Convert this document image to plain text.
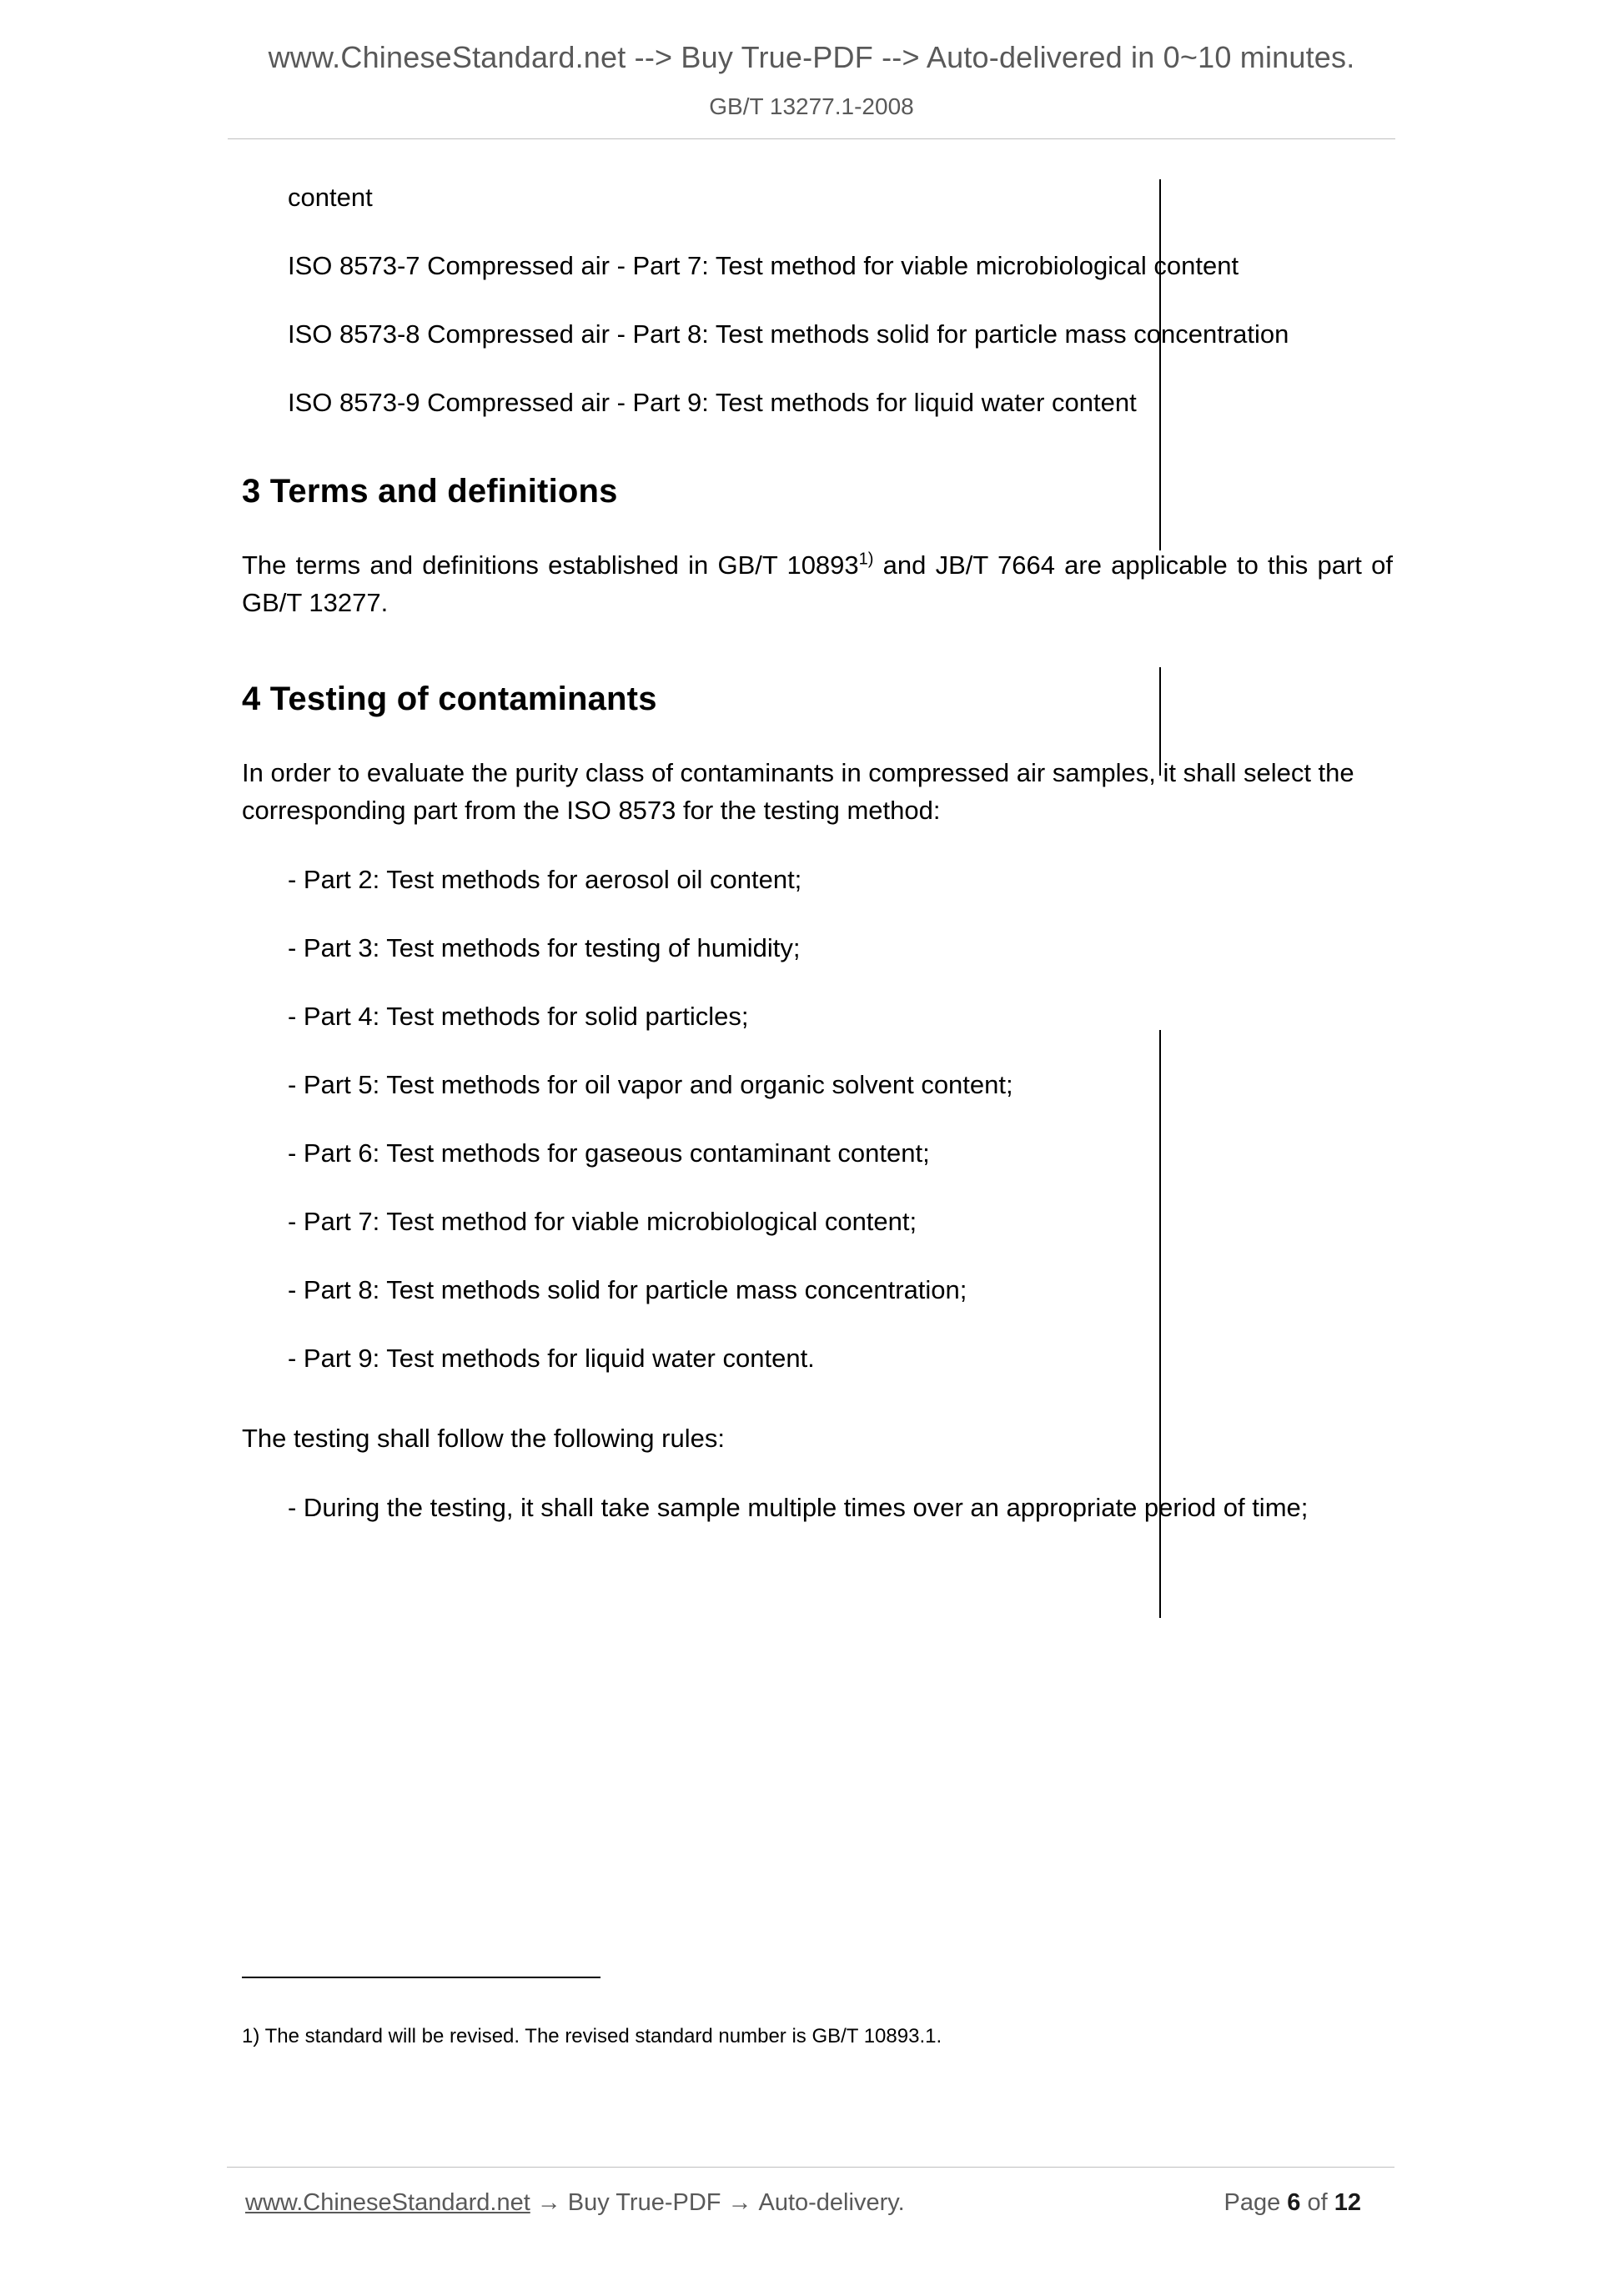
www.ChineseStandard.net --> Buy True-PDF --> Auto-delivered in 0~10 minutes.
GB/T 13277.1-2008
content
ISO 8573-7 Compressed air - Part 7: Test method for viable microbiological content
ISO 8573-8 Compressed air - Part 8: Test methods solid for particle mass concentration
ISO 8573-9 Compressed air - Part 9: Test methods for liquid water content
3 Terms and definitions
The terms and definitions established in GB/T 10893$^{1)}$ and JB/T 7664 are applicable to this part of GB/T 13277.
4 Testing of contaminants
In order to evaluate the purity class of contaminants in compressed air samples, it shall select the corresponding part from the ISO 8573 for the testing method:
- Part 2: Test methods for aerosol oil content;
- Part 3: Test methods for testing of humidity;
- Part 4: Test methods for solid particles;
- Part 5: Test methods for oil vapor and organic solvent content;
- Part 6: Test methods for gaseous contaminant content;
- Part 7: Test method for viable microbiological content;
- Part 8: Test methods solid for particle mass concentration;
- Part 9: Test methods for liquid water content.
The testing shall follow the following rules:
- During the testing, it shall take sample multiple times over an appropriate period of time;
1) The standard will be revised. The revised standard number is GB/T 10893.1.
www.ChineseStandard.net → Buy True-PDF → Auto-delivery.	Page 6 of 12
